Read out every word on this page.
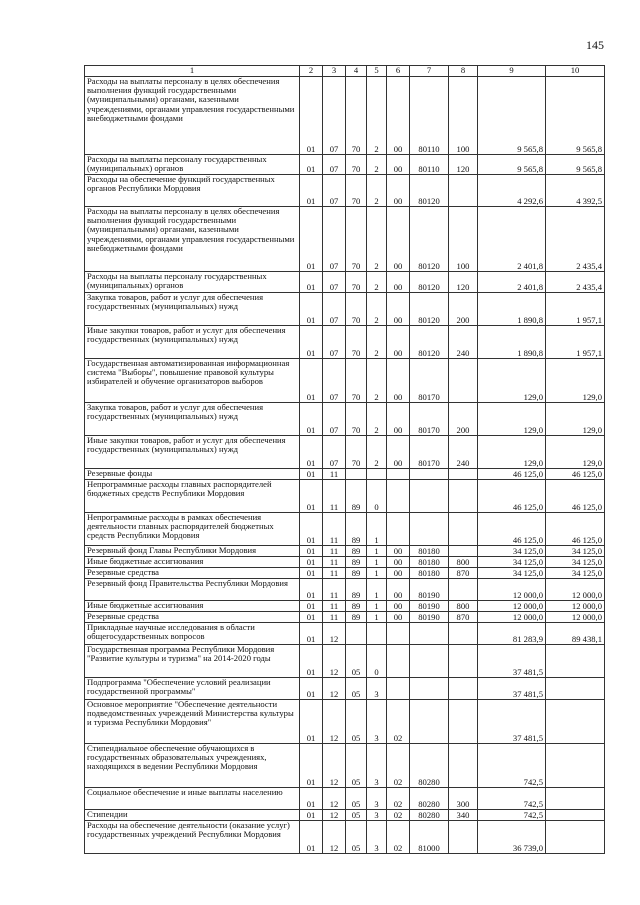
145
1	2	3	4	5	6	7	8	9	10
Расходы на выплаты персоналу в целях обеспечения выполнения функций государственными (муниципальными) органами, казенными учреждениями, органами управления государственными внебюджетными фондами	01	07	70	2	00	80110	100	9 565,8	9 565,8
Расходы на выплаты персоналу государственных (муниципальных) органов	01	07	70	2	00	80110	120	9 565,8	9 565,8
Расходы на обеспечение функций государственных органов Республики Мордовия	01	07	70	2	00	80120		4 292,6	4 392,5
Расходы на выплаты персоналу в целях обеспечения выполнения функций государственными (муниципальными) органами, казенными учреждениями, органами управления государственными внебюджетными фондами	01	07	70	2	00	80120	100	2 401,8	2 435,4
Расходы на выплаты персоналу государственных (муниципальных) органов	01	07	70	2	00	80120	120	2 401,8	2 435,4
Закупка товаров, работ и услуг для обеспечения государственных (муниципальных) нужд	01	07	70	2	00	80120	200	1 890,8	1 957,1
Иные закупки товаров, работ и услуг для обеспечения государственных (муниципальных) нужд	01	07	70	2	00	80120	240	1 890,8	1 957,1
Государственная автоматизированная информационная система "Выборы", повышение правовой культуры избирателей и обучение организаторов выборов	01	07	70	2	00	80170		129,0	129,0
Закупка товаров, работ и услуг для обеспечения государственных (муниципальных) нужд	01	07	70	2	00	80170	200	129,0	129,0
Иные закупки товаров, работ и услуг для обеспечения государственных (муниципальных) нужд	01	07	70	2	00	80170	240	129,0	129,0
Резервные фонды	01	11						46 125,0	46 125,0
Непрограммные расходы главных распорядителей бюджетных средств Республики Мордовия	01	11	89	0				46 125,0	46 125,0
Непрограммные расходы в рамках обеспечения деятельности главных распорядителей бюджетных средств Республики Мордовия	01	11	89	1				46 125,0	46 125,0
Резервный фонд Главы Республики Мордовия	01	11	89	1	00	80180		34 125,0	34 125,0
Иные бюджетные ассигнования	01	11	89	1	00	80180	800	34 125,0	34 125,0
Резервные средства	01	11	89	1	00	80180	870	34 125,0	34 125,0
Резервный фонд Правительства Республики Мордовия	01	11	89	1	00	80190		12 000,0	12 000,0
Иные бюджетные ассигнования	01	11	89	1	00	80190	800	12 000,0	12 000,0
Резервные средства	01	11	89	1	00	80190	870	12 000,0	12 000,0
Прикладные научные исследования в области общегосударственных вопросов	01	12						81 283,9	89 438,1
Государственная программа Республики Мордовия "Развитие культуры и туризма" на 2014-2020 годы	01	12	05	0				37 481,5	
Подпрограмма "Обеспечение условий реализации государственной программы"	01	12	05	3				37 481,5	
Основное мероприятие "Обеспечение деятельности подведомственных учреждений Министерства культуры и туризма Республики Мордовия"	01	12	05	3	02			37 481,5	
Стипендиальное обеспечение обучающихся в государственных образовательных учреждениях, находящихся в ведении Республики Мордовия	01	12	05	3	02	80280		742,5	
Социальное обеспечение и иные выплаты населению	01	12	05	3	02	80280	300	742,5	
Стипендии	01	12	05	3	02	80280	340	742,5	
Расходы на обеспечение деятельности (оказание услуг) государственных учреждений Республики Мордовия	01	12	05	3	02	81000		36 739,0	
